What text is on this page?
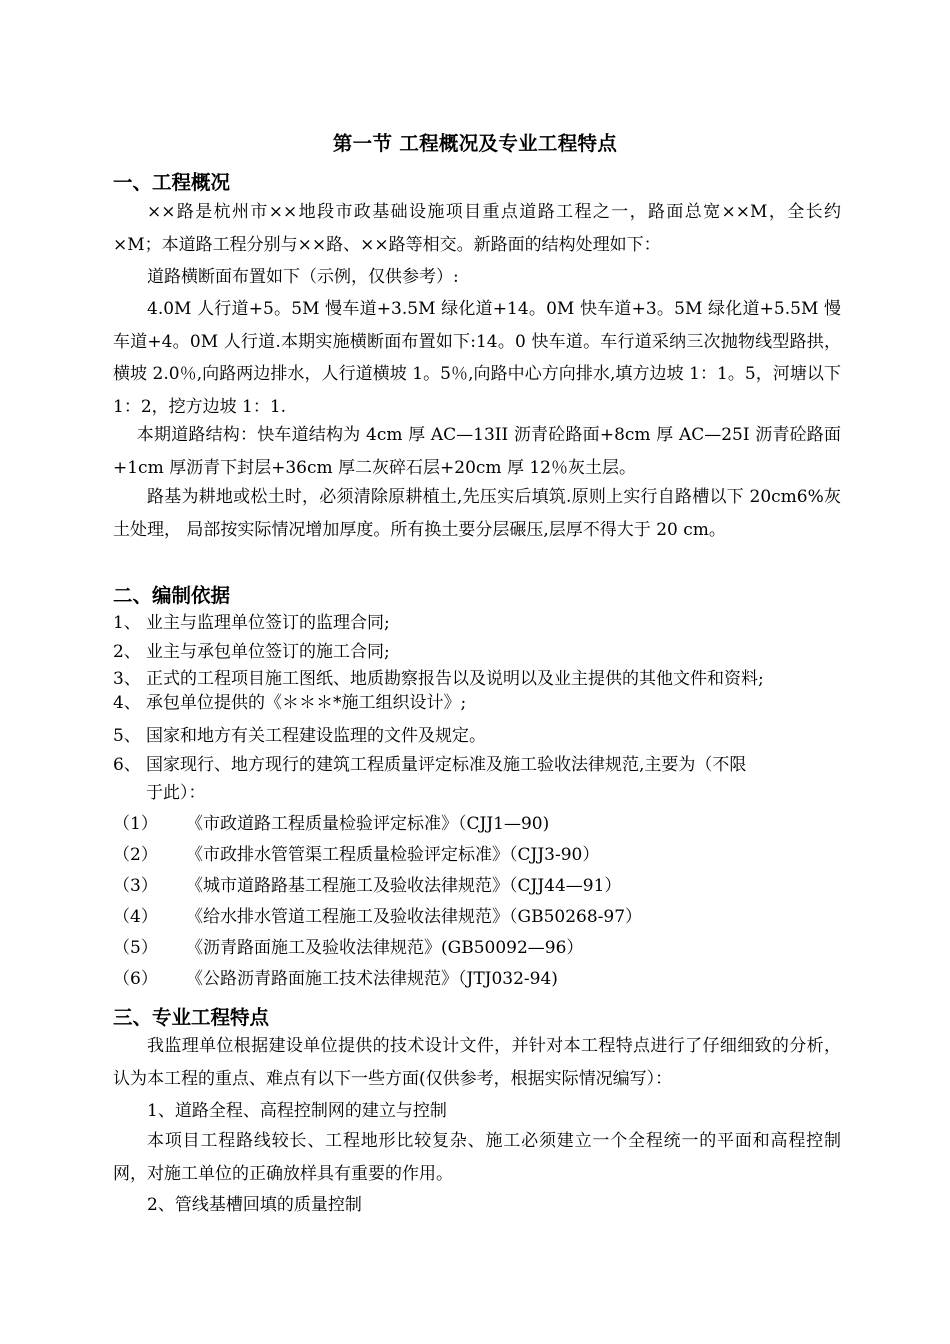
第一节 工程概况及专业工程特点
一、工程概况
××路是杭州市××地段市政基础设施项目重点道路工程之一，路面总宽××M，全长约×M；本道路工程分别与××路、××路等相交。新路面的结构处理如下：
道路横断面布置如下（示例，仅供参考）:
4.0M 人行道+5。5M 慢车道+3.5M 绿化道+14。0M 快车道+3。5M 绿化道+5.5M 慢车道+4。0M 人行道.本期实施横断面布置如下:14。0 快车道。车行道采纳三次抛物线型路拱，横坡 2.0％,向路两边排水，人行道横坡 1。5％,向路中心方向排水,填方边坡 1：1。5，河塘以下 1：2，挖方边坡 1：1.
本期道路结构：快车道结构为 4cm 厚 AC—13II 沥青砼路面+8cm 厚 AC—25I 沥青砼路面+1cm 厚沥青下封层+36cm 厚二灰碎石层+20cm 厚 12％灰土层。
路基为耕地或松土时，必须清除原耕植土,先压实后填筑.原则上实行自路槽以下 20cm6%灰土处理， 局部按实际情况增加厚度。所有换土要分层碾压,层厚不得大于 20 cm。
二、编制依据
1、 业主与监理单位签订的监理合同;
2、 业主与承包单位签订的施工合同;
3、 正式的工程项目施工图纸、地质勘察报告以及说明以及业主提供的其他文件和资料;
4、 承包单位提供的《＊＊＊*施工组织设计》;
5、 国家和地方有关工程建设监理的文件及规定。
6、 国家现行、地方现行的建筑工程质量评定标准及施工验收法律规范,主要为（不限
于此）：
（1） 《市政道路工程质量检验评定标准》（CJJ1—90)
（2） 《市政排水管管渠工程质量检验评定标准》（CJJ3-90）
（3） 《城市道路路基工程施工及验收法律规范》（CJJ44—91）
（4） 《给水排水管道工程施工及验收法律规范》（GB50268-97）
（5） 《沥青路面施工及验收法律规范》(GB50092—96）
（6） 《公路沥青路面施工技术法律规范》（JTJ032-94)
三、专业工程特点
我监理单位根据建设单位提供的技术设计文件，并针对本工程特点进行了仔细细致的分析，认为本工程的重点、难点有以下一些方面(仅供参考，根据实际情况编写）：
1、道路全程、高程控制网的建立与控制
本项目工程路线较长、工程地形比较复杂、施工必须建立一个全程统一的平面和高程控制网，对施工单位的正确放样具有重要的作用。
2、管线基槽回填的质量控制
